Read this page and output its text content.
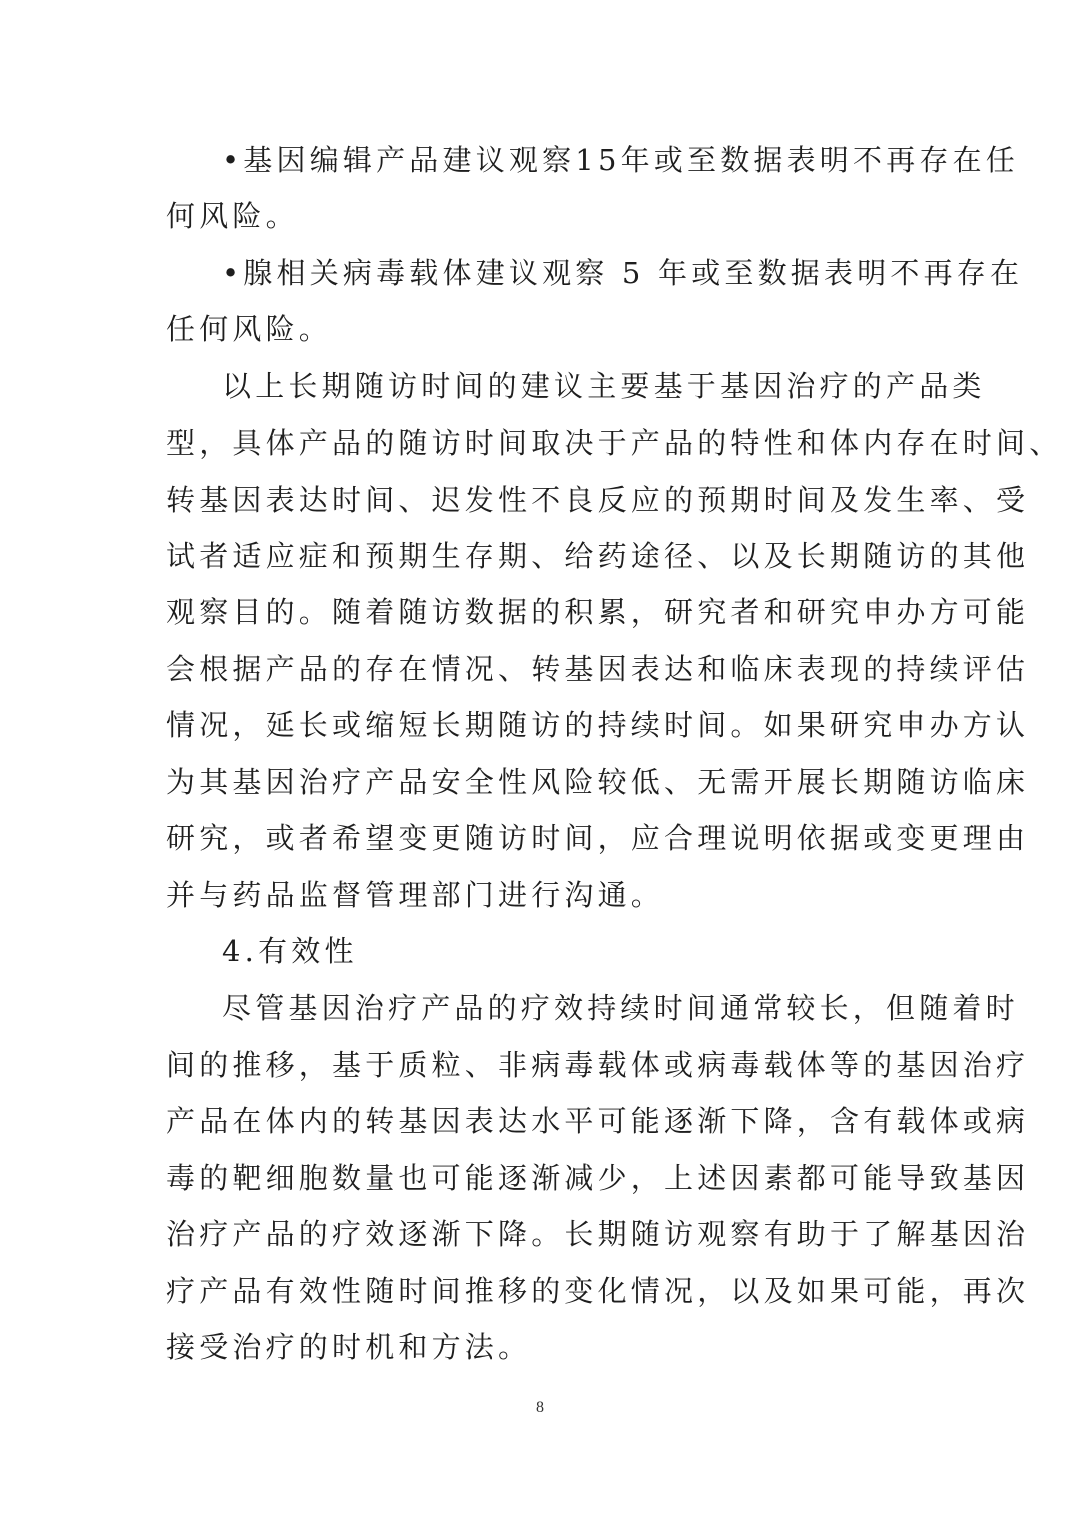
•基因编辑产品建议观察15年或至数据表明不再存在任

何风险。

•腺相关病毒载体建议观察 5 年或至数据表明不再存在

任何风险。

以上长期随访时间的建议主要基于基因治疗的产品类

型，具体产品的随访时间取决于产品的特性和体内存在时间、

转基因表达时间、迟发性不良反应的预期时间及发生率、受

试者适应症和预期生存期、给药途径、以及长期随访的其他

观察目的。随着随访数据的积累，研究者和研究申办方可能

会根据产品的存在情况、转基因表达和临床表现的持续评估

情况，延长或缩短长期随访的持续时间。如果研究申办方认

为其基因治疗产品安全性风险较低、无需开展长期随访临床

研究，或者希望变更随访时间，应合理说明依据或变更理由

并与药品监督管理部门进行沟通。

4.有效性

尽管基因治疗产品的疗效持续时间通常较长，但随着时

间的推移，基于质粒、非病毒载体或病毒载体等的基因治疗

产品在体内的转基因表达水平可能逐渐下降，含有载体或病

毒的靶细胞数量也可能逐渐减少，上述因素都可能导致基因

治疗产品的疗效逐渐下降。长期随访观察有助于了解基因治

疗产品有效性随时间推移的变化情况，以及如果可能，再次

接受治疗的时机和方法。

8
